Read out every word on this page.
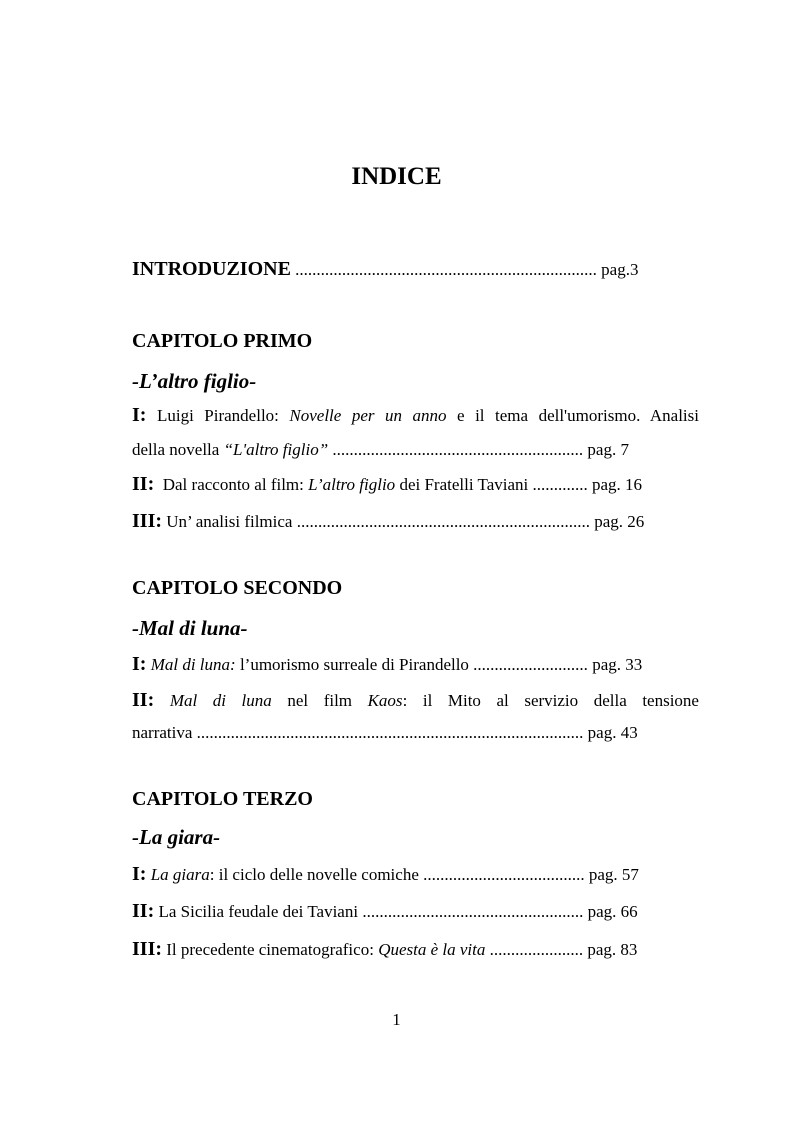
INDICE
INTRODUZIONE ....................................................................... pag.3
CAPITOLO PRIMO
-L’altro figlio-
I: Luigi Pirandello: Novelle per un anno e il tema dell'umorismo. Analisi
della novella “L'altro figlio” ........................................................... pag. 7
II:  Dal racconto al film: L’altro figlio dei Fratelli Taviani ............. pag. 16
III: Un’ analisi filmica ..................................................................... pag. 26
CAPITOLO SECONDO
-Mal di luna-
I: Mal di luna: l’umorismo surreale di Pirandello ........................... pag. 33
II: Mal di luna nel film Kaos: il Mito al servizio della tensione
narrativa ........................................................................................... pag. 43
CAPITOLO TERZO
-La giara-
I: La giara: il ciclo delle novelle comiche ...................................... pag. 57
II: La Sicilia feudale dei Taviani .................................................... pag. 66
III: Il precedente cinematografico: Questa è la vita ...................... pag. 83
1
